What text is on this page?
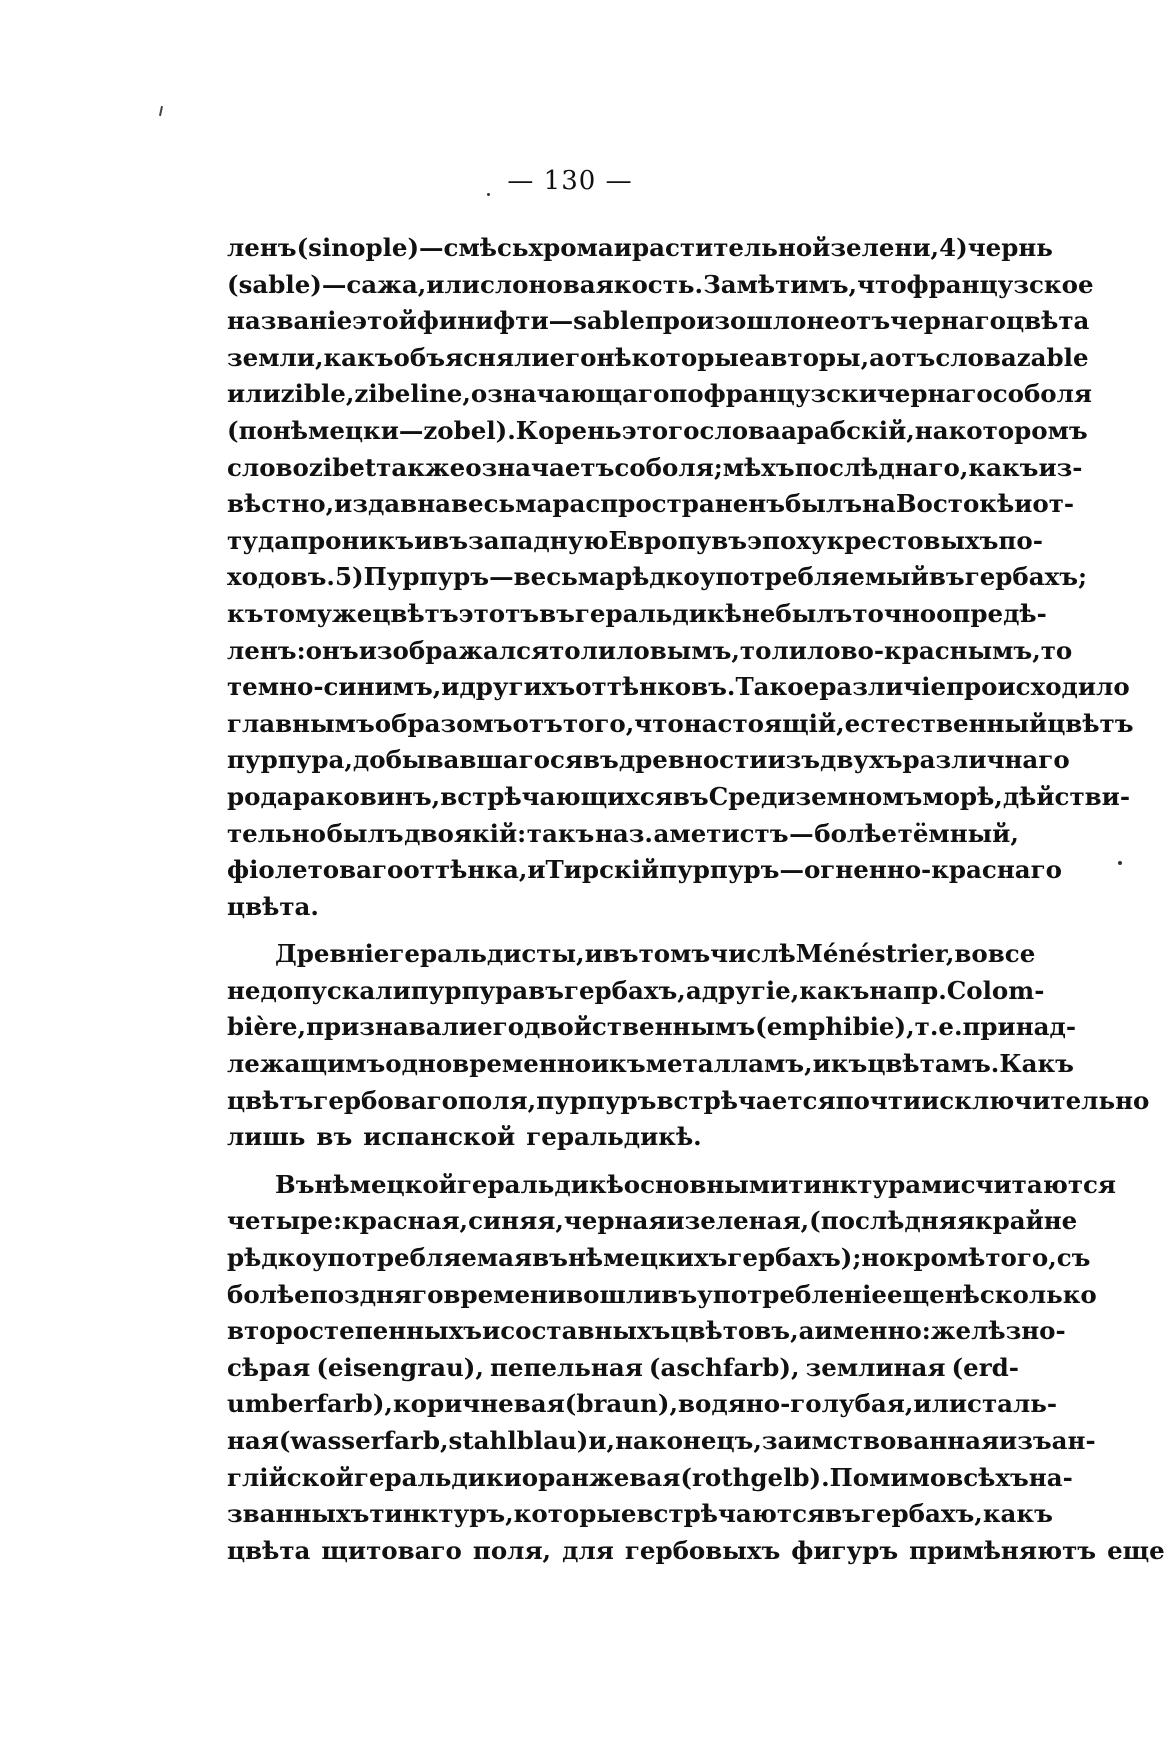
— 130 —
ленъ (sinople)—смѣсь хрома и растительной зелени, 4) чернь
(sable)—сажа, или слоновая кость. Замѣтимъ, что французское
названіе этой финифти—sable произошло не отъ чернаго цвѣта
земли, какъ объясняли его нѣкоторые авторы, а отъ слова zable
или zible, zibeline, означающаго по французски чернаго соболя
(по нѣмецки—zobel). Корень этого слова арабскій, на которомъ
слово zibet также означаетъ соболя; мѣхъ послѣднаго, какъ из-
вѣстно, издавна весьма распространенъ былъ на Востокѣ и от-
туда проникъ и въ западную Европу въ эпоху крестовыхъ по-
ходовъ. 5) Пурпуръ — весьма рѣдко употребляемый въ гербахъ;
къ тому же цвѣтъ этотъ въ геральдикѣ не былъ точно опредѣ-
ленъ: онъ изображался то лиловымъ, то лилово-краснымъ, то
темно-синимъ, и другихъ оттѣнковъ. Такое различіе происходило
главнымъ образомъ отъ того, что настоящій, естественный цвѣтъ
пурпура, добывавшагося въ древности изъ двухъ различнаго
рода раковинъ, встрѣчающихся въ Средиземномъ морѣ, дѣйстви-
тельно былъ двоякій: такъ наз. аметистъ — болѣе тёмный,
фіолетоваго оттѣнка, и Тирскій пурпуръ — огненно - краснаго
цвѣта.
Древніе геральдисты, и въ томъ числѣ Ménéstrier, вовсе
не допускали пурпура въ гербахъ, а другіе, какъ напр. Colom-
bière, признавали его двойственнымъ (emphibie), т. е. принад-
лежащимъ одновременно и къ металламъ, и къ цвѣтамъ. Какъ
цвѣтъ гербоваго поля, пурпуръ встрѣчается почти исключительно
лишь въ испанской геральдикѣ.
Въ нѣмецкой геральдикѣ основными тинктурами считаются
четыре: красная, синяя, черная и зеленая, (послѣдняя крайне
рѣдко употребляемая въ нѣмецкихъ гербахъ); но кромѣ того, съ
болѣе поздняго времени вошли въ употребленіе еще нѣсколько
второстепенныхъ и составныхъ цвѣтовъ, а именно: желѣзно-
сѣрая (eisengrau), пепельная (aschfarb), землиная (erd-
umberfarb), коричневая (braun), водяно-голубая, или сталь-
ная (wasserfarb, stahlblau) и, наконецъ, заимствованная изъ ан-
глійской геральдики оранжевая (rothgelb). Помимо всѣхъ на-
званныхъ тинктуръ, которые встрѣчаются въ гербахъ, какъ
цвѣта щитоваго поля, для гербовыхъ фигуръ примѣняютъ еще
